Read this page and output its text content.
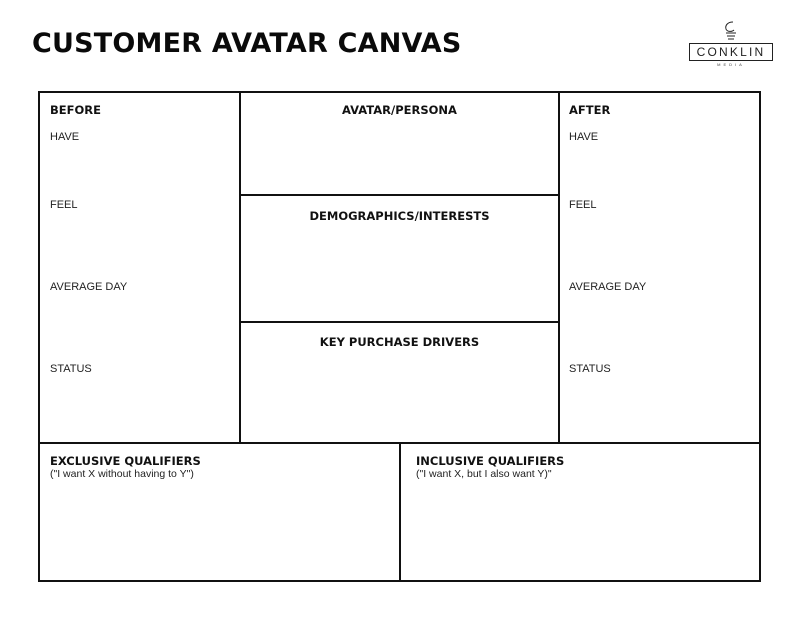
CUSTOMER AVATAR CANVAS	CONKLIN
MEDIA
BEFORE
HAVE
FEEL
AVERAGE DAY
STATUS
AVATAR/PERSONA
DEMOGRAPHICS/INTERESTS
KEY PURCHASE DRIVERS
AFTER
HAVE
FEEL
AVERAGE DAY
STATUS
EXCLUSIVE QUALIFIERS
("I want X without having to Y")
INCLUSIVE QUALIFIERS
("I want X, but I also want Y)"
